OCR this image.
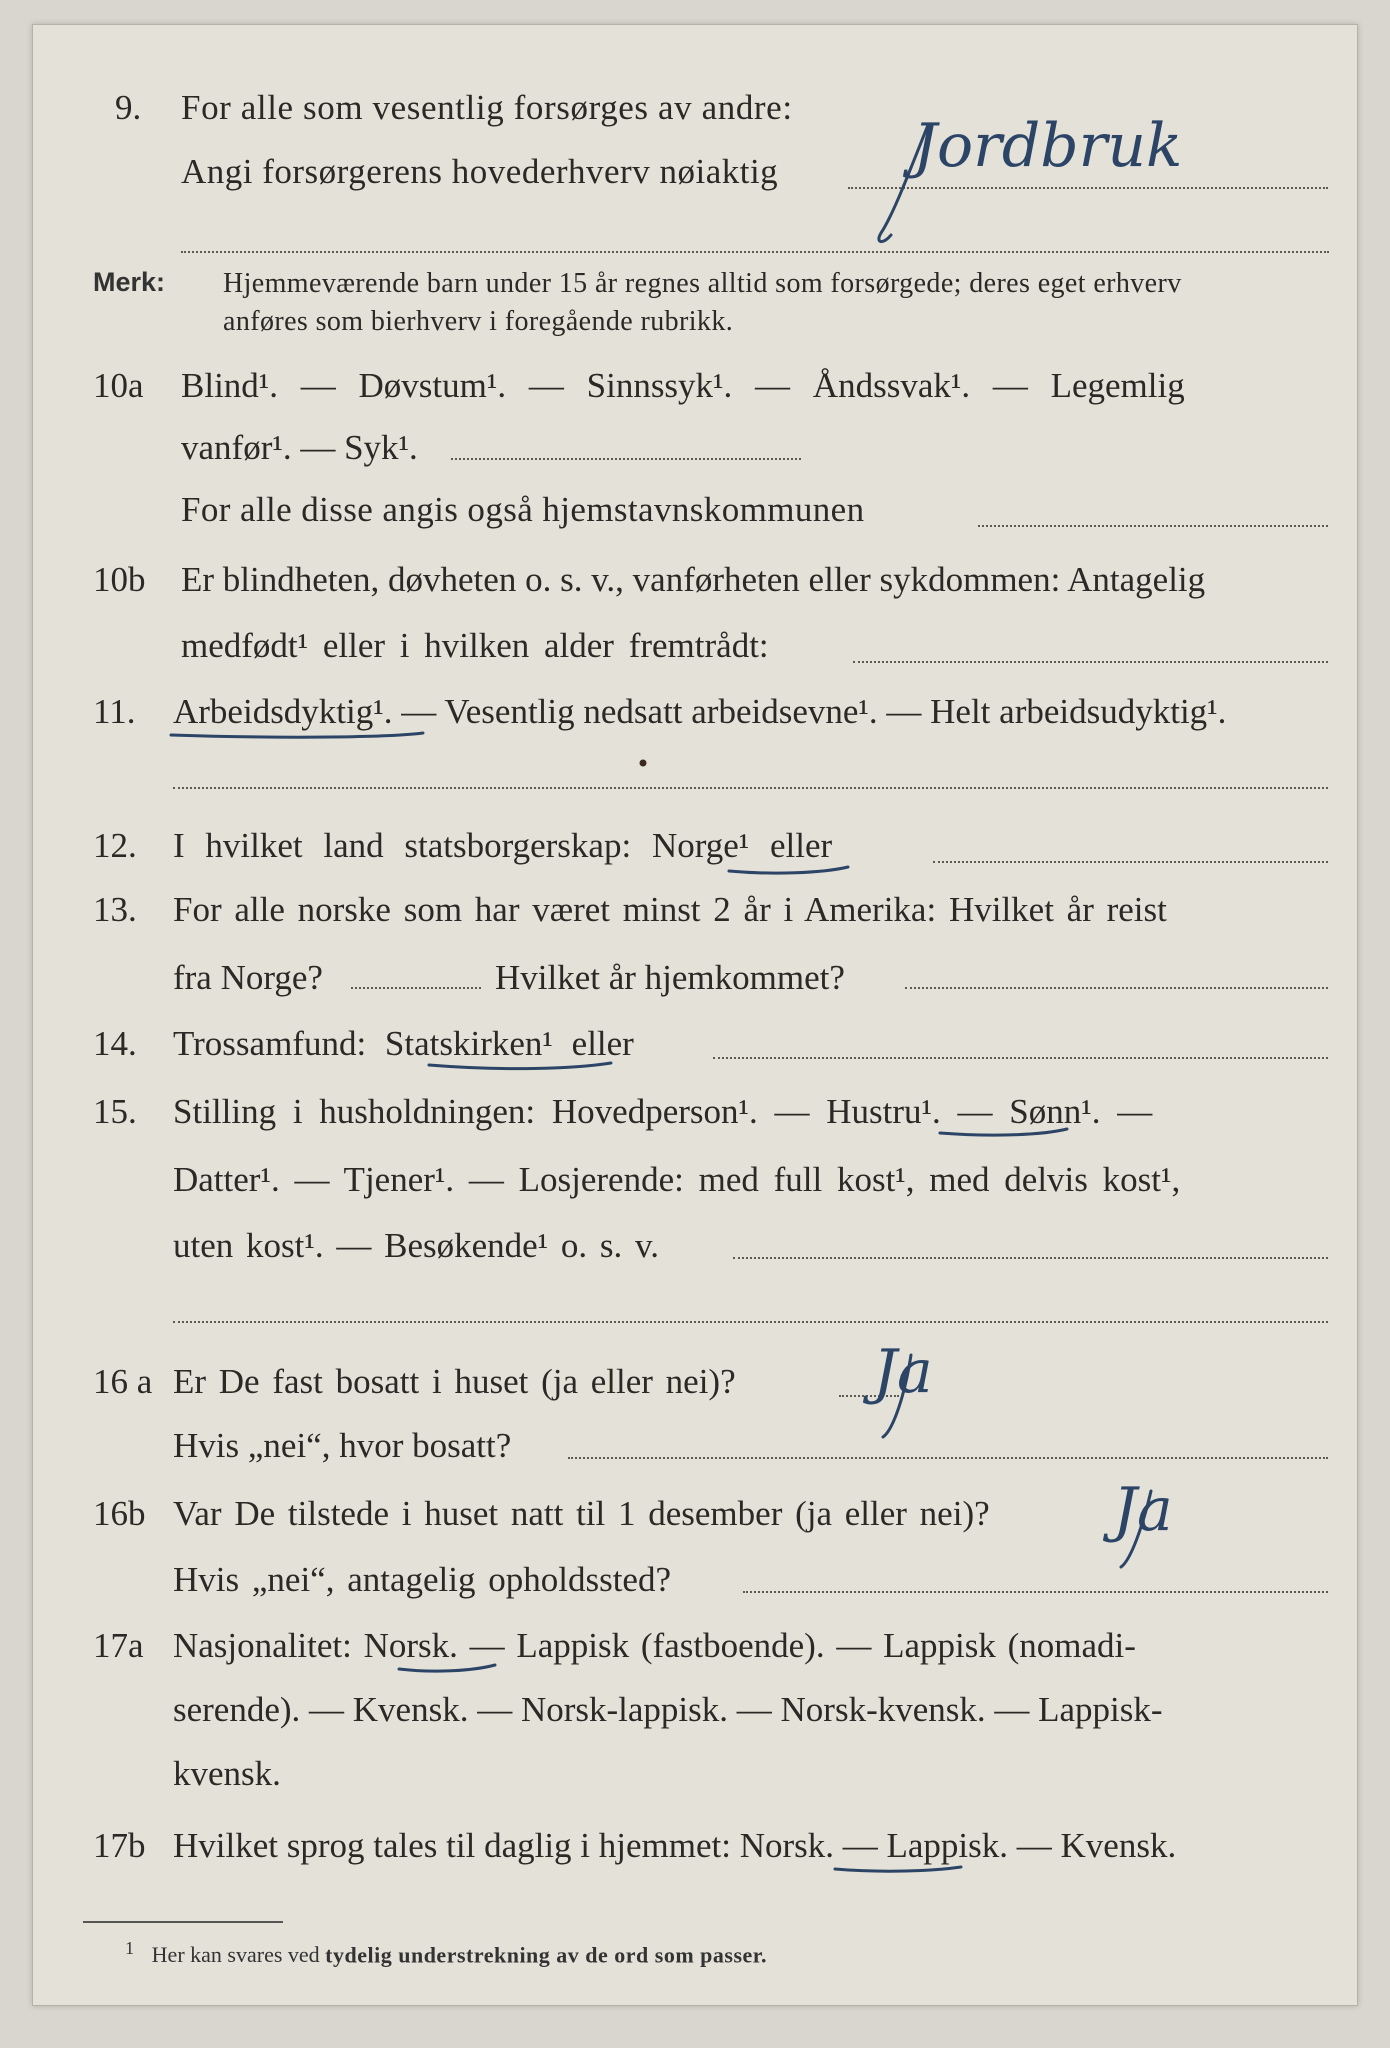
9. For alle som vesentlig forsørges av andre:
Angi forsørgerens hovederhverv nøiaktig Jordbruk
Merk: Hjemmeværende barn under 15 år regnes alltid som forsørgede; deres eget erhverv
anføres som bierhverv i foregående rubrikk.
10a Blind¹. — Døvstum¹. — Sinnssyk¹. — Åndssvak¹. — Legemlig
vanfør¹. — Syk¹.
For alle disse angis også hjemstavnskommunen
10b Er blindheten, døvheten o. s. v., vanførheten eller sykdommen: Antagelig
medfødt¹ eller i hvilken alder fremtrådt:
11. Arbeidsdyktig¹. — Vesentlig nedsatt arbeidsevne¹. — Helt arbeidsudyktig¹.
12. I hvilket land statsborgerskap: Norge¹ eller
13. For alle norske som har været minst 2 år i Amerika: Hvilket år reist
fra Norge?	Hvilket år hjemkommet?
14. Trossamfund: Statskirken¹ eller
15. Stilling i husholdningen: Hovedperson¹. — Hustru¹. — Sønn¹. —
Datter¹. — Tjener¹. — Losjerende: med full kost¹, med delvis kost¹,
uten kost¹. — Besøkende¹ o. s. v.
16 a Er De fast bosatt i huset (ja eller nei)? Ja
Hvis „nei“, hvor bosatt?
16b Var De tilstede i huset natt til 1 desember (ja eller nei)? Ja
Hvis „nei“, antagelig opholdssted?
17a Nasjonalitet: Norsk. — Lappisk (fastboende). — Lappisk (nomadi-
serende). — Kvensk. — Norsk-lappisk. — Norsk-kvensk. — Lappisk-
kvensk.
17b Hvilket sprog tales til daglig i hjemmet: Norsk. — Lappisk. — Kvensk.
$^1$ Her kan svares ved tydelig understrekning av de ord som passer.
